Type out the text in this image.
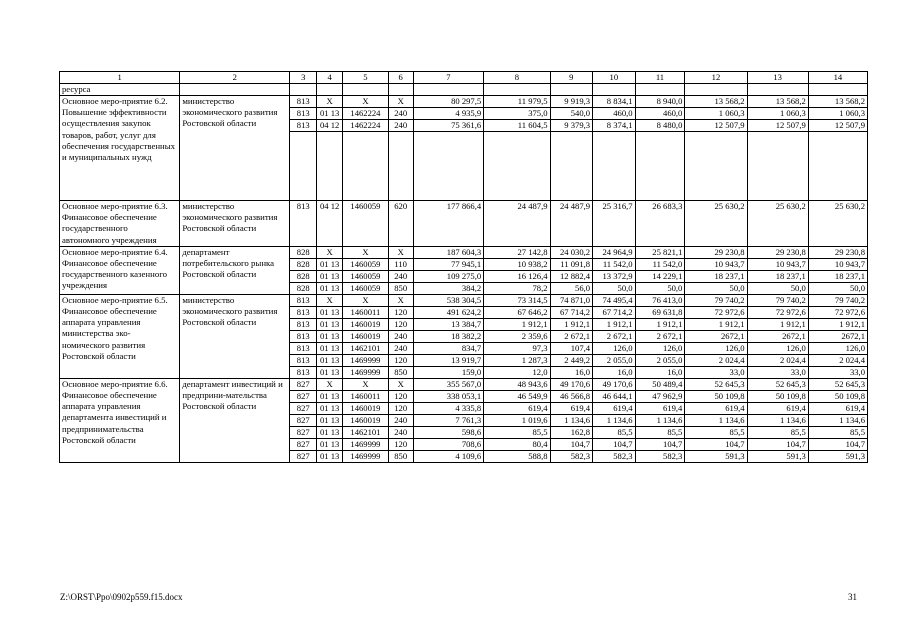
1	2	3	4	5	6	7	8	9	10	11	12	13	14
ресурса													
Основное меро-приятие 6.2. Повышение эффективности осуществления закупок товаров, работ, услуг для обеспечения государственных и муниципальных нужд	министерство экономического развития Ростовской области	813	Х	Х	Х	80 297,5	11 979,5	9 919,3	8 834,1	8 940,0	13 568,2	13 568,2	13 568,2
		813	01 13	1462224	240	4 935,9	375,0	540,0	460,0	460,0	1 060,3	1 060,3	1 060,3
		813	04 12	1462224	240	75 361,6	11 604,5	9 379,3	8 374,1	8 480,0	12 507,9	12 507,9	12 507,9

Основное меро-приятие 6.3. Финансовое обеспечение государственного автономного учреждения	министерство экономического развития Ростовской области	813	04 12	1460059	620	177 866,4	24 487,9	24 487,9	25 316,7	26 683,3	25 630,2	25 630,2	25 630,2
Основное меро-приятие 6.4. Финансовое обеспечение государственного казенного учреждения	департамент потребительского рынка Ростовской области	828	Х	Х	Х	187 604,3	27 142,8	24 030,2	24 964,9	25 821,1	29 230,8	29 230,8	29 230,8
		828	01 13	1460059	110	77 945,1	10 938,2	11 091,8	11 542,0	11 542,0	10 943,7	10 943,7	10 943,7
		828	01 13	1460059	240	109 275,0	16 126,4	12 882,4	13 372,9	14 229,1	18 237,1	18 237,1	18 237,1
		828	01 13	1460059	850	384,2	78,2	56,0	50,0	50,0	50,0	50,0	50,0
Основное меро-приятие 6.5. Финансовое обеспечение аппарата управления министерства эко-номического развития Ростовской области	министерство экономического развития Ростовской области	813	Х	Х	Х	538 304,5	73 314,5	74 871,0	74 495,4	76 413,0	79 740,2	79 740,2	79 740,2
		813	01 13	1460011	120	491 624,2	67 646,2	67 714,2	67 714,2	69 631,8	72 972,6	72 972,6	72 972,6
		813	01 13	1460019	120	13 384,7	1 912,1	1 912,1	1 912,1	1 912,1	1 912,1	1 912,1	1 912,1
		813	01 13	1460019	240	18 382,2	2 359,6	2 672,1	2 672,1	2 672,1	2672,1	2672,1	2672,1
		813	01 13	1462101	240	834,7	97,3	107,4	126,0	126,0	126,0	126,0	126,0
		813	01 13	1469999	120	13 919,7	1 287,3	2 449,2	2 055,0	2 055,0	2 024,4	2 024,4	2 024,4
		813	01 13	1469999	850	159,0	12,0	16,0	16,0	16,0	33,0	33,0	33,0
Основное меро-приятие 6.6. Финансовое обеспечение аппарата управления департамента инвестиций и предпринимательства Ростовской области	департамент инвестиций и предприни-мательства Ростовской области	827	Х	Х	Х	355 567,0	48 943,6	49 170,6	49 170,6	50 489,4	52 645,3	52 645,3	52 645,3
		827	01 13	1460011	120	338 053,1	46 549,9	46 566,8	46 644,1	47 962,9	50 109,8	50 109,8	50 109,8
		827	01 13	1460019	120	4 335,8	619,4	619,4	619,4	619,4	619,4	619,4	619,4
		827	01 13	1460019	240	7 761,3	1 019,6	1 134,6	1 134,6	1 134,6	1 134,6	1 134,6	1 134,6
		827	01 13	1462101	240	598,6	85,5	162,8	85,5	85,5	85,5	85,5	85,5
		827	01 13	1469999	120	708,6	80,4	104,7	104,7	104,7	104,7	104,7	104,7
		827	01 13	1469999	850	4 109,6	588,8	582,3	582,3	582,3	591,3	591,3	591,3
Z:\ORST\Ppo\0902p559.f15.docx	31
